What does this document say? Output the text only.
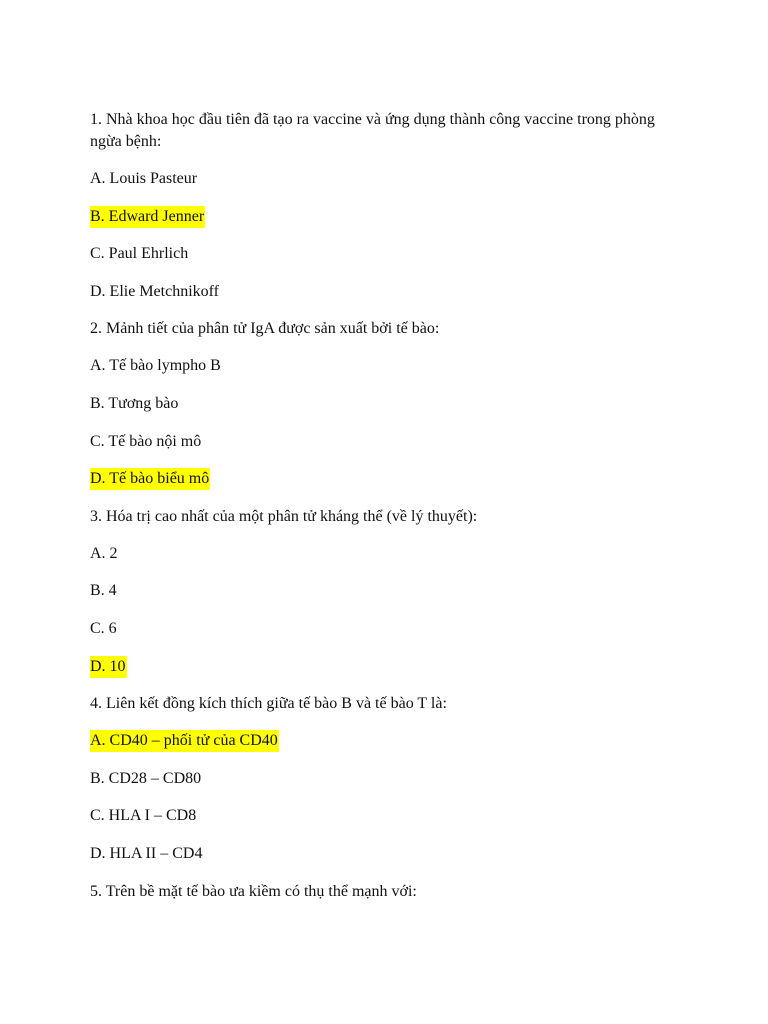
1. Nhà khoa học đầu tiên đã tạo ra vaccine và ứng dụng thành công vaccine trong phòng ngừa bệnh:

A. Louis Pasteur
B. Edward Jenner
C. Paul Ehrlich
D. Elie Metchnikoff

2. Mảnh tiết của phân tử IgA được sản xuất bởi tế bào:

A. Tế bào lympho B
B. Tương bào
C. Tế bào nội mô
D. Tế bào biểu mô

3. Hóa trị cao nhất của một phân tử kháng thể (về lý thuyết):

A. 2
B. 4
C. 6
D. 10

4. Liên kết đồng kích thích giữa tế bào B và tế bào T là:

A. CD40 – phối tử của CD40
B. CD28 – CD80
C. HLA I – CD8
D. HLA II – CD4

5. Trên bề mặt tế bào ưa kiềm có thụ thể mạnh với:
